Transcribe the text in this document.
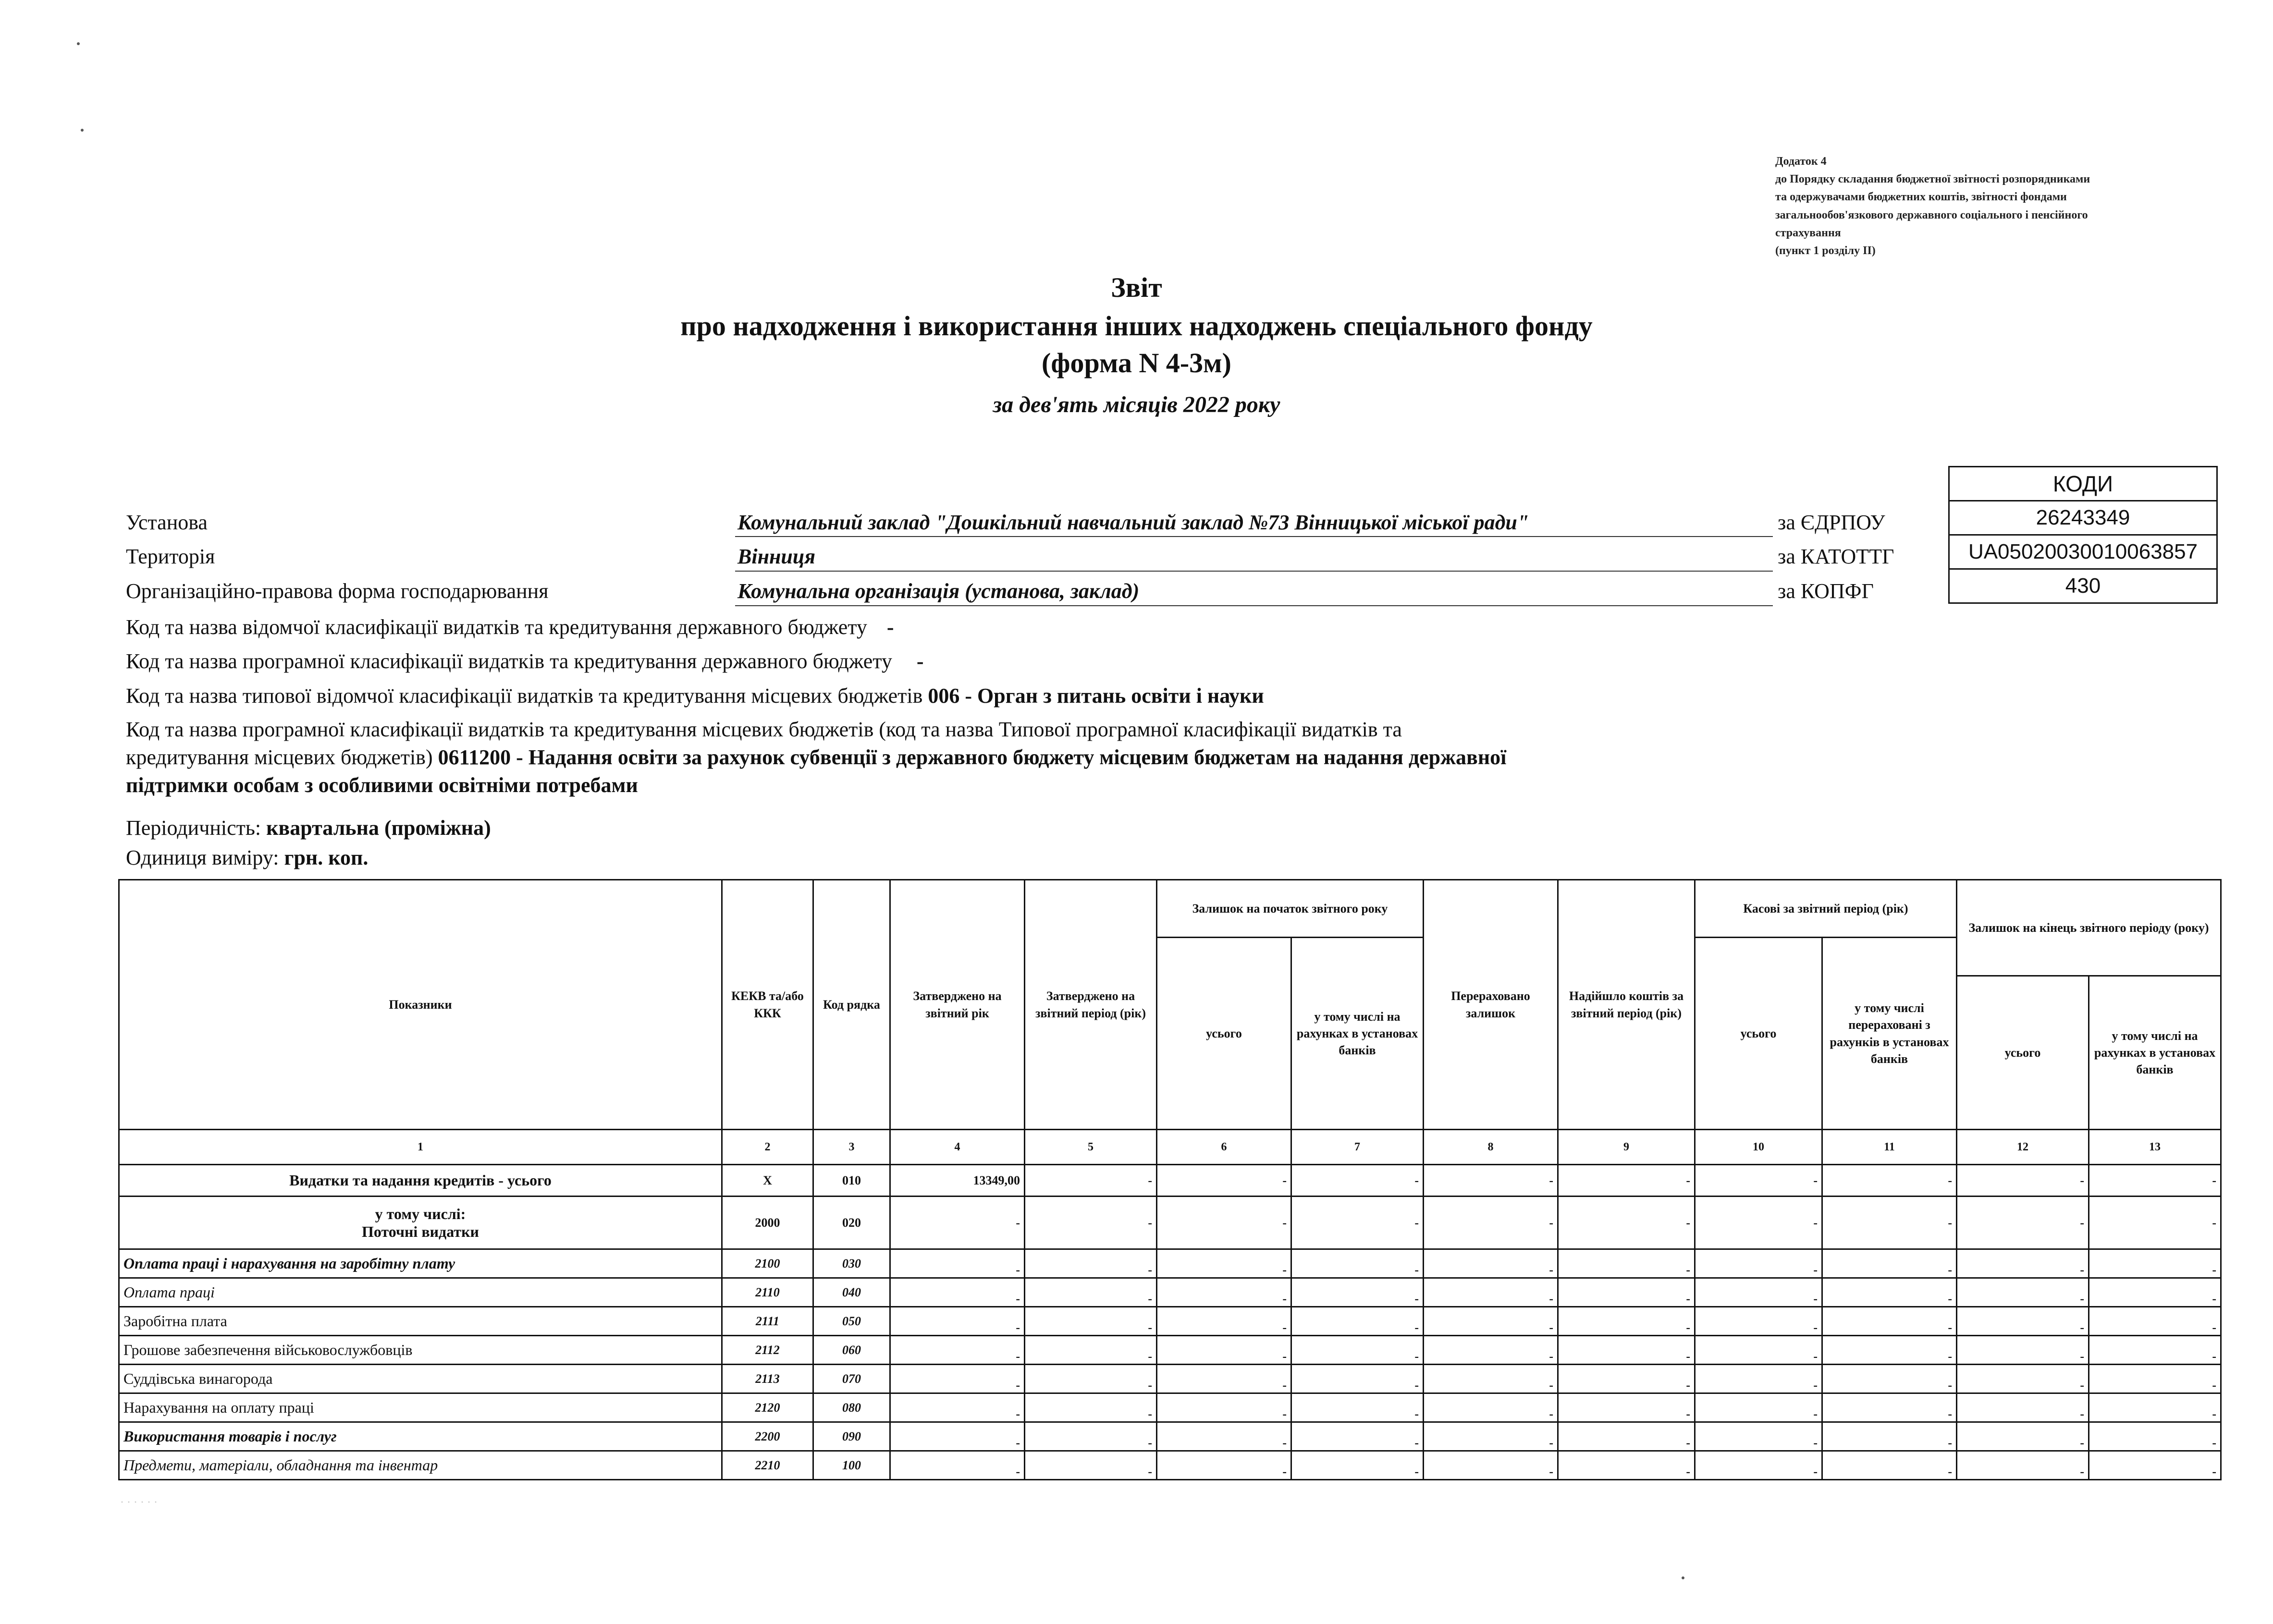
Додаток 4
до Порядку складання бюджетної звітності розпорядниками
та одержувачами бюджетних коштів, звітності фондами
загальнообов'язкового державного соціального і пенсійного
страхування
(пункт 1 розділу II)
Звіт
про надходження і використання інших надходжень спеціального фонду
(форма N 4-3м)
за дев'ять місяців 2022 року
КОДИ
26243349
UA05020030010063857
430
Установа	Комунальний заклад "Дошкільний навчальний заклад №73 Вінницької міської ради"	за ЄДРПОУ
Територія	Вінниця	за КАТОТТГ
Організаційно-правова форма господарювання	Комунальна організація (установа, заклад)	за КОПФГ
Код та назва відомчої класифікації видатків та кредитування державного бюджету -
Код та назва програмної класифікації видатків та кредитування державного бюджету -
Код та назва типової відомчої класифікації видатків та кредитування місцевих бюджетів 006 - Орган з питань освіти і науки
Код та назва програмної класифікації видатків та кредитування місцевих бюджетів (код та назва Типової програмної класифікації видатків та
кредитування місцевих бюджетів) 0611200 - Надання освіти за рахунок субвенції з державного бюджету місцевим бюджетам на надання державної
підтримки особам з особливими освітніми потребами
Періодичність: квартальна (проміжна)
Одиниця виміру: грн. коп.
Показники	КЕКВ та/або ККК	Код рядка	Затверджено на звітний рік	Затверджено на звітний період (рік)	Залишок на початок звітного року		Перераховано залишок	Надійшло коштів за звітний період (рік)	Касові за звітний період (рік)		Залишок на кінець звітного періоду (року)	
					усього	у тому числі на рахунках в установах банків			усього	у тому числі перераховані з рахунків в установах банків		
											усього	у тому числі на рахунках в установах банків
1	2	3	4	5	6	7	8	9	10	11	12	13
Видатки та надання кредитів - усього	Х	010	13349,00	-	-	-	-	-	-	-	-	-

у тому числі:
Поточні видатки	2000	020	-	-	-	-	-	-	-	-	-	-
Оплата праці і нарахування на заробітну плату	2100	030	-	-	-	-	-	-	-	-	-	-
Оплата праці	2110	040	-	-	-	-	-	-	-	-	-	-
Заробітна плата	2111	050	-	-	-	-	-	-	-	-	-	-
Грошове забезпечення військовослужбовців	2112	060	-	-	-	-	-	-	-	-	-	-
Суддівська винагорода	2113	070	-	-	-	-	-	-	-	-	-	-
Нарахування на оплату праці	2120	080	-	-	-	-	-	-	-	-	-	-
Використання товарів і послуг	2200	090	-	-	-	-	-	-	-	-	-	-
Предмети, матеріали, обладнання та інвентар	2210	100	-	-	-	-	-	-	-	-	-	-
· · · · · ·
